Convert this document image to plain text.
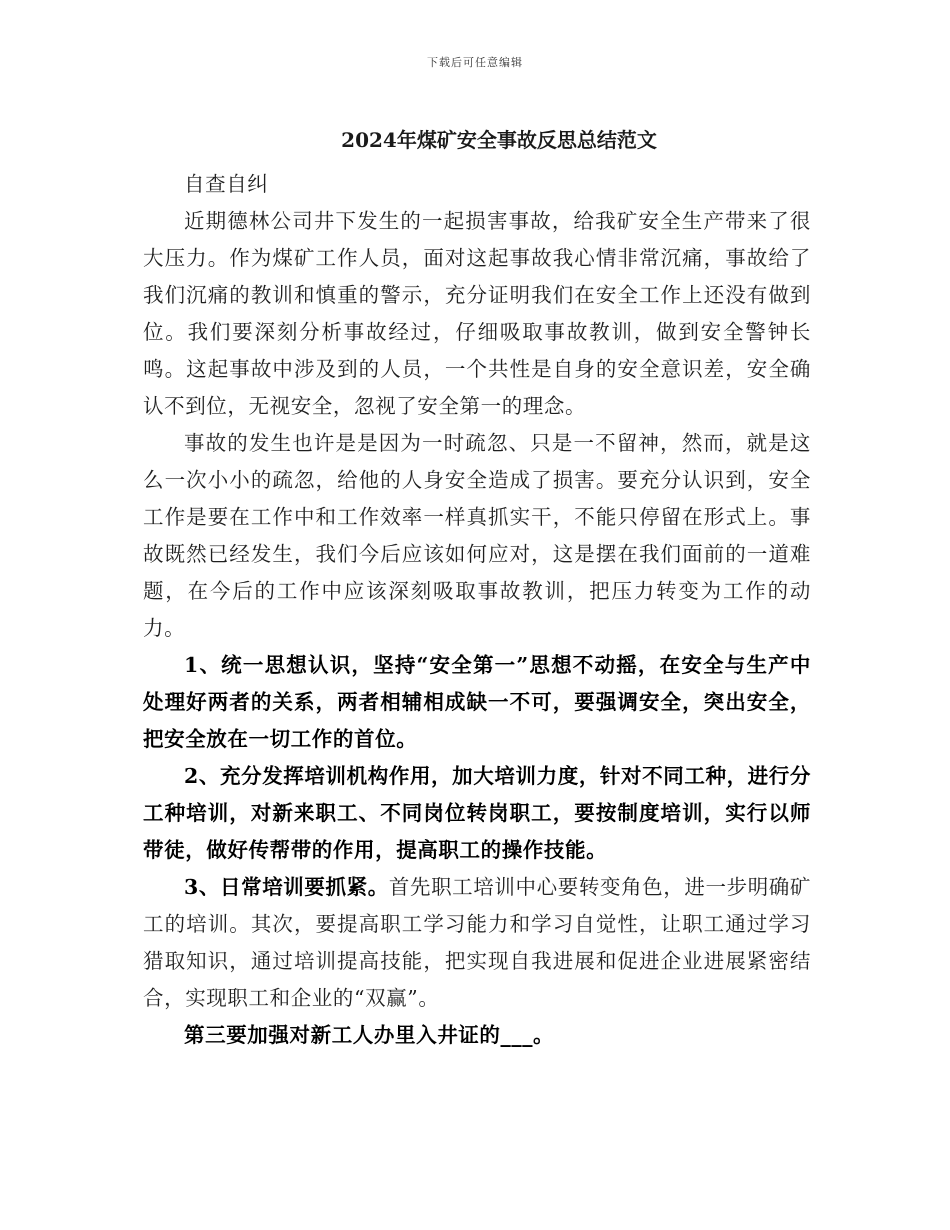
下载后可任意编辑
2024年煤矿安全事故反思总结范文

自查自纠

近期德林公司井下发生的一起损害事故，给我矿安全生产带来了很大压力。作为煤矿工作人员，面对这起事故我心情非常沉痛，事故给了我们沉痛的教训和慎重的警示，充分证明我们在安全工作上还没有做到位。我们要深刻分析事故经过，仔细吸取事故教训，做到安全警钟长鸣。这起事故中涉及到的人员，一个共性是自身的安全意识差，安全确认不到位，无视安全，忽视了安全第一的理念。

事故的发生也许是是因为一时疏忽、只是一不留神，然而，就是这么一次小小的疏忽，给他的人身安全造成了损害。要充分认识到，安全工作是要在工作中和工作效率一样真抓实干，不能只停留在形式上。事故既然已经发生，我们今后应该如何应对，这是摆在我们面前的一道难题，在今后的工作中应该深刻吸取事故教训，把压力转变为工作的动力。

1、统一思想认识，坚持“安全第一”思想不动摇，在安全与生产中处理好两者的关系，两者相辅相成缺一不可，要强调安全，突出安全，把安全放在一切工作的首位。

2、充分发挥培训机构作用，加大培训力度，针对不同工种，进行分工种培训，对新来职工、不同岗位转岗职工，要按制度培训，实行以师带徒，做好传帮带的作用，提高职工的操作技能。

3、日常培训要抓紧。首先职工培训中心要转变角色，进一步明确矿工的培训。其次，要提高职工学习能力和学习自觉性，让职工通过学习猎取知识，通过培训提高技能，把实现自我进展和促进企业进展紧密结合，实现职工和企业的“双赢”。

第三要加强对新工人办里入井证的___。
